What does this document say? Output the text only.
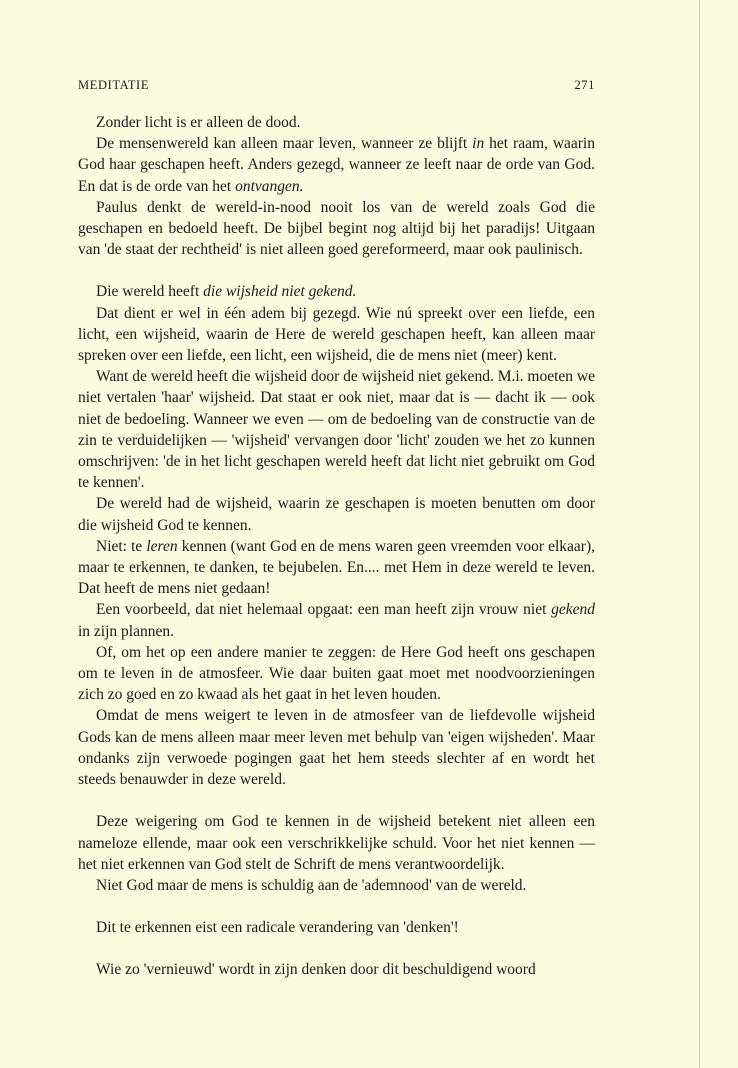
MEDITATIE	271

Zonder licht is er alleen de dood.

De mensenwereld kan alleen maar leven, wanneer ze blijft in het raam, waarin God haar geschapen heeft. Anders gezegd, wanneer ze leeft naar de orde van God. En dat is de orde van het ontvangen.

Paulus denkt de wereld-in-nood nooit los van de wereld zoals God die geschapen en bedoeld heeft. De bijbel begint nog altijd bij het paradijs! Uitgaan van 'de staat der rechtheid' is niet alleen goed gereformeerd, maar ook paulinisch.

Die wereld heeft die wijsheid niet gekend.

Dat dient er wel in één adem bij gezegd. Wie nú spreekt over een liefde, een licht, een wijsheid, waarin de Here de wereld geschapen heeft, kan alleen maar spreken over een liefde, een licht, een wijsheid, die de mens niet (meer) kent.

Want de wereld heeft die wijsheid door de wijsheid niet gekend. M.i. moeten we niet vertalen 'haar' wijsheid. Dat staat er ook niet, maar dat is — dacht ik — ook niet de bedoeling. Wanneer we even — om de bedoeling van de constructie van de zin te verduidelijken — 'wijsheid' vervangen door 'licht' zouden we het zo kunnen omschrijven: 'de in het licht geschapen wereld heeft dat licht niet gebruikt om God te kennen'.

De wereld had de wijsheid, waarin ze geschapen is moeten benutten om door die wijsheid God te kennen.

Niet: te leren kennen (want God en de mens waren geen vreemden voor elkaar), maar te erkennen, te danken, te bejubelen. En.... met Hem in deze wereld te leven. Dat heeft de mens niet gedaan!

Een voorbeeld, dat niet helemaal opgaat: een man heeft zijn vrouw niet gekend in zijn plannen.

Of, om het op een andere manier te zeggen: de Here God heeft ons geschapen om te leven in de atmosfeer. Wie daar buiten gaat moet met noodvoorzieningen zich zo goed en zo kwaad als het gaat in het leven houden.

Omdat de mens weigert te leven in de atmosfeer van de liefdevolle wijsheid Gods kan de mens alleen maar meer leven met behulp van 'eigen wijsheden'. Maar ondanks zijn verwoede pogingen gaat het hem steeds slechter af en wordt het steeds benauwder in deze wereld.

Deze weigering om God te kennen in de wijsheid betekent niet alleen een nameloze ellende, maar ook een verschrikkelijke schuld. Voor het niet kennen — het niet erkennen van God stelt de Schrift de mens verantwoordelijk.

Niet God maar de mens is schuldig aan de 'ademnood' van de wereld.

Dit te erkennen eist een radicale verandering van 'denken'!

Wie zo 'vernieuwd' wordt in zijn denken door dit beschuldigend woord
